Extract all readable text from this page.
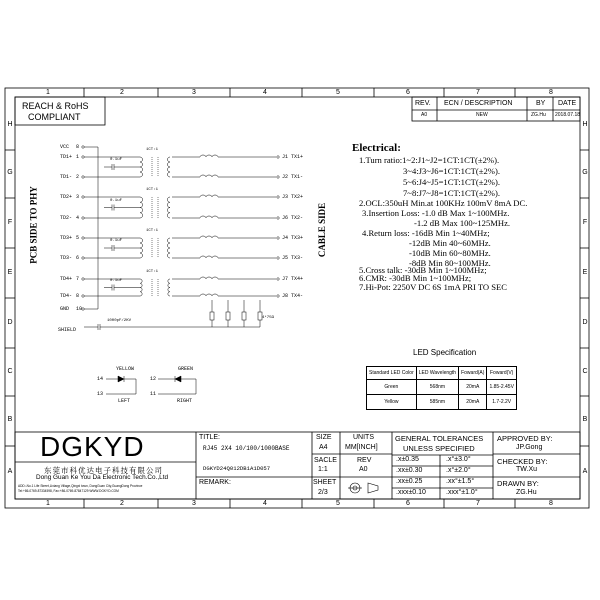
1	2	3	4	5	6	7	8
1	2	3	4	5	6	7	8
H
G
F
E
D
C
B
A
H
G
F
E
D
C
B
A
REACH & RoHS
COMPLIANT
REV. ECN / DESCRIPTION	BY DATE
A0	NEW	ZG.Hu 2018.07.18
PCB SIDE TO PHY	CABLE SIDE
VCC 8
TD1+ 1
TD1- 2
TD2+ 3
TD2- 4
TD3+ 5
TD3- 6
TD4+ 7
TD4- 8
GND 10
J1 TX1+
J2 TX1-
J3 TX2+
J6 TX2-
J4 TX3+
J5 TX3-
J7 TX4+
J8 TX4-
0.1uF
1CT:1
0.1uF
1CT:1
0.1uF
1CT:1
0.1uF
1CT:1
SHIELD
1000pF/2KV
4*75Ω
YELLOW	GREEN
14
13
12
11
LEFT	RIGHT
Electrical:
1.Turn ratio:1~2:J1~J2=1CT:1CT(±2%).
3~4:J3~J6=1CT:1CT(±2%).
5~6:J4~J5=1CT:1CT(±2%).
7~8:J7~J8=1CT:1CT(±2%).
2.OCL:350uH Min.at 100KHz 100mV 8mA DC.
3.Insertion Loss: -1.0 dB Max 1~100MHz.
-1.2 dB Max 100~125MHz.
4.Return loss: -16dB Min 1~40MHz;
-12dB Min 40~60MHz.
-10dB Min 60~80MHz.
-8dB Min 80~100MHz.
5.Cross talk: -30dB Min 1~100MHz;
6.CMR: -30dB Min 1~100MHz;
7.Hi-Pot: 2250V DC 6S 1mA PRI TO SEC
LED Specification
Standard LED Color	LED Wavelength	Foward(A)	Foward(V)
Green	568nm	20mA	1.85-2.45V
Yellow	585nm	20mA	1.7-2.2V
DGKYD
东莞市科优达电子科技有限公司
Dong Guan Ke You Da Electronic Tech.Co.,Ltd
ADD:-No.1 Life Street,Lixiang Village,Qingxi town, DongGuan City,GuangDong Province
Tel:+86-0769-87334598, Fax:+86-0769-87847129 WWW.DGKYD.COM
TITLE:
RJ45 2X4 10/100/1000BASE
DGKYD24Q012DB1A1D057
REMARK:
SIZE
A4
SACLE
1:1
SHEET
2/3
UNITS
MM[INCH]
REV
A0
GENERAL TOLERANCES
UNLESS SPECIFIED
.x±0.35	.x°±3.0°
.xx±0.30	.x°±2.0°
.xx±0.25	.xx°±1.5°
.xxx±0.10	.xxx°±1.0°
APPROVED BY:
JP.Gong
CHECKED BY:
TW.Xu
DRAWN BY:
ZG.Hu
